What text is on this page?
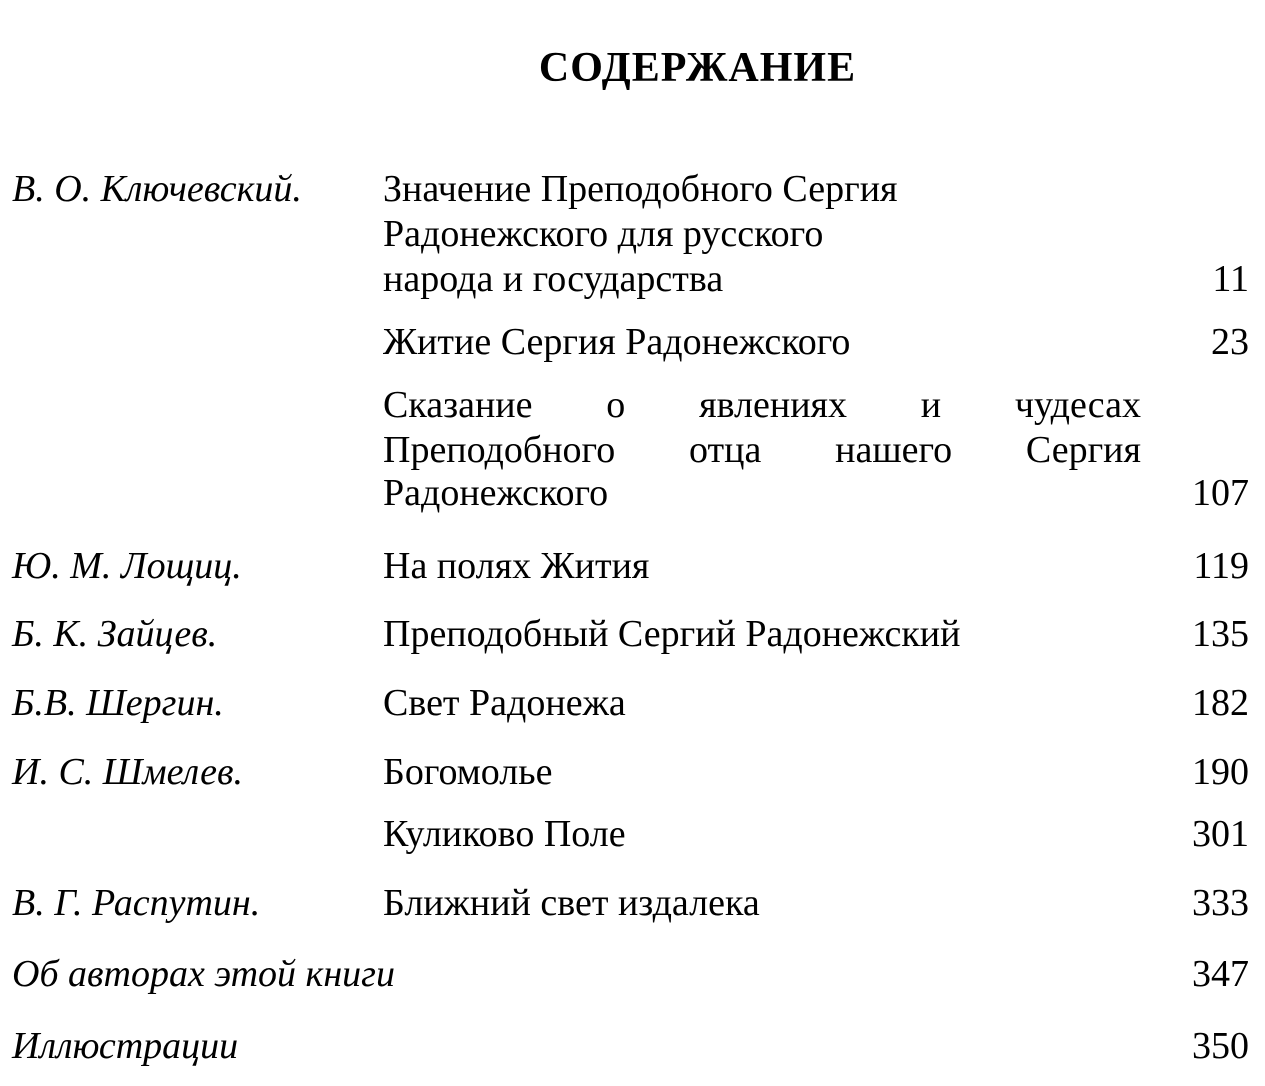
СОДЕРЖАНИЕ
В. О. Ключевский. Значение Преподобного Сергия
Радонежского для русского
народа и государства	11
Житие Сергия Радонежского	23
Сказание о явлениях и чудесах
Преподобного отца нашего Сергия
Радонежского	107
Ю. М. Лощиц.	На полях Жития	119
Б. К. Зайцев.	Преподобный Сергий Радонежский	135
Б.В. Шергин.	Свет Радонежа	182
И. С. Шмелев.	Богомолье	190
Куликово Поле	301
В. Г. Распутин.	Ближний свет издалека	333
Об авторах этой книги	347
Иллюстрации	350
